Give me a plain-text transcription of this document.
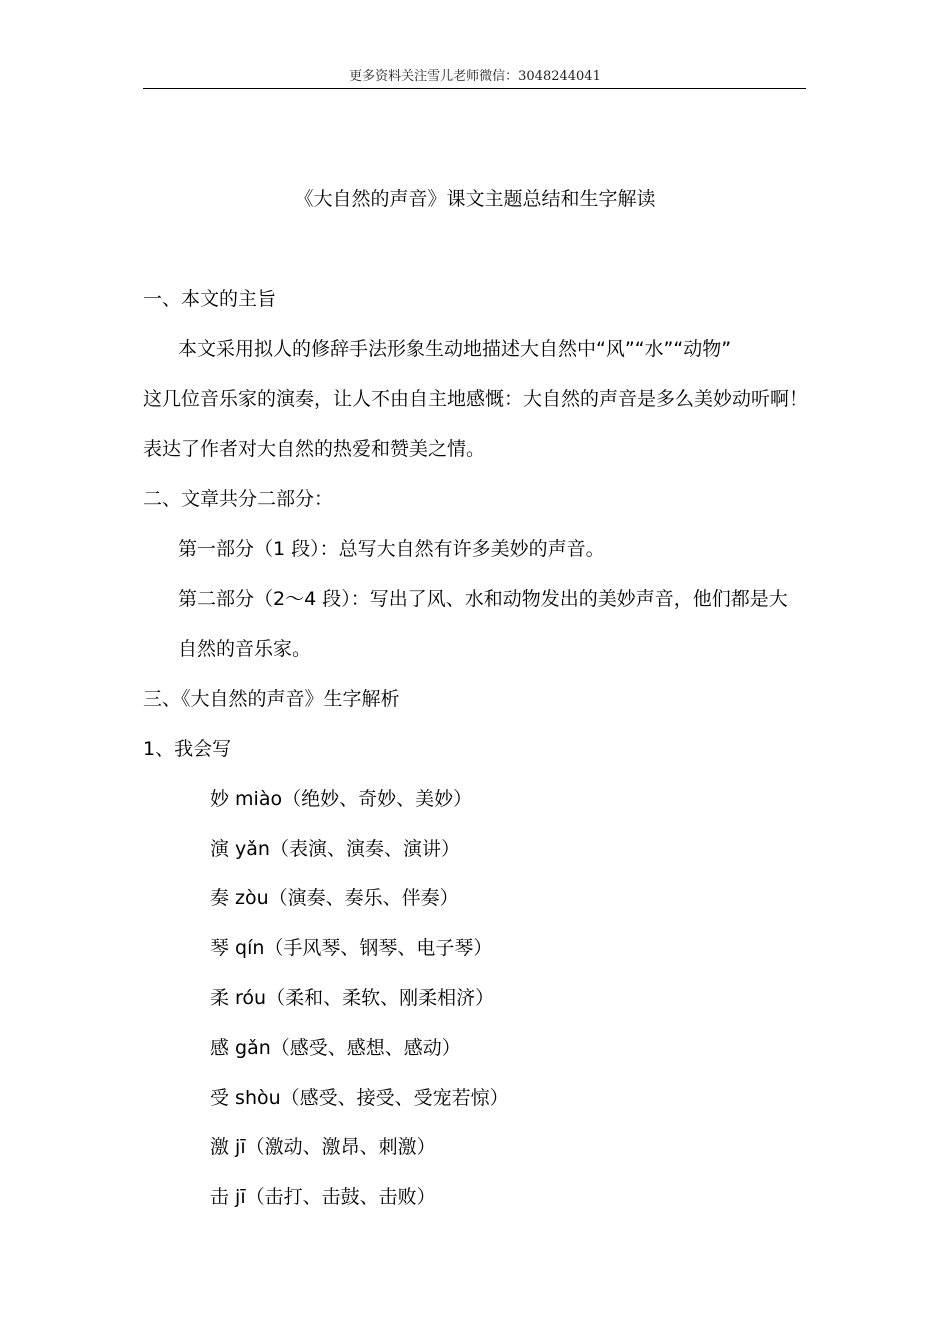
更多资料关注雪儿老师微信：3048244041
《大自然的声音》课文主题总结和生字解读
一、本文的主旨
本文采用拟人的修辞手法形象生动地描述大自然中“风”“水”“动物”
这几位音乐家的演奏，让人不由自主地感慨：大自然的声音是多么美妙动听啊！
表达了作者对大自然的热爱和赞美之情。
二、文章共分二部分：
第一部分（1 段）：总写大自然有许多美妙的声音。
第二部分（2～4 段）：写出了风、水和动物发出的美妙声音，他们都是大
自然的音乐家。
三、《大自然的声音》生字解析
1、我会写
妙 miào（绝妙、奇妙、美妙）
演 yǎn（表演、演奏、演讲）
奏 zòu（演奏、奏乐、伴奏）
琴 qín（手风琴、钢琴、电子琴）
柔 róu（柔和、柔软、刚柔相济）
感 gǎn（感受、感想、感动）
受 shòu（感受、接受、受宠若惊）
激 jī（激动、激昂、刺激）
击 jī（击打、击鼓、击败）
